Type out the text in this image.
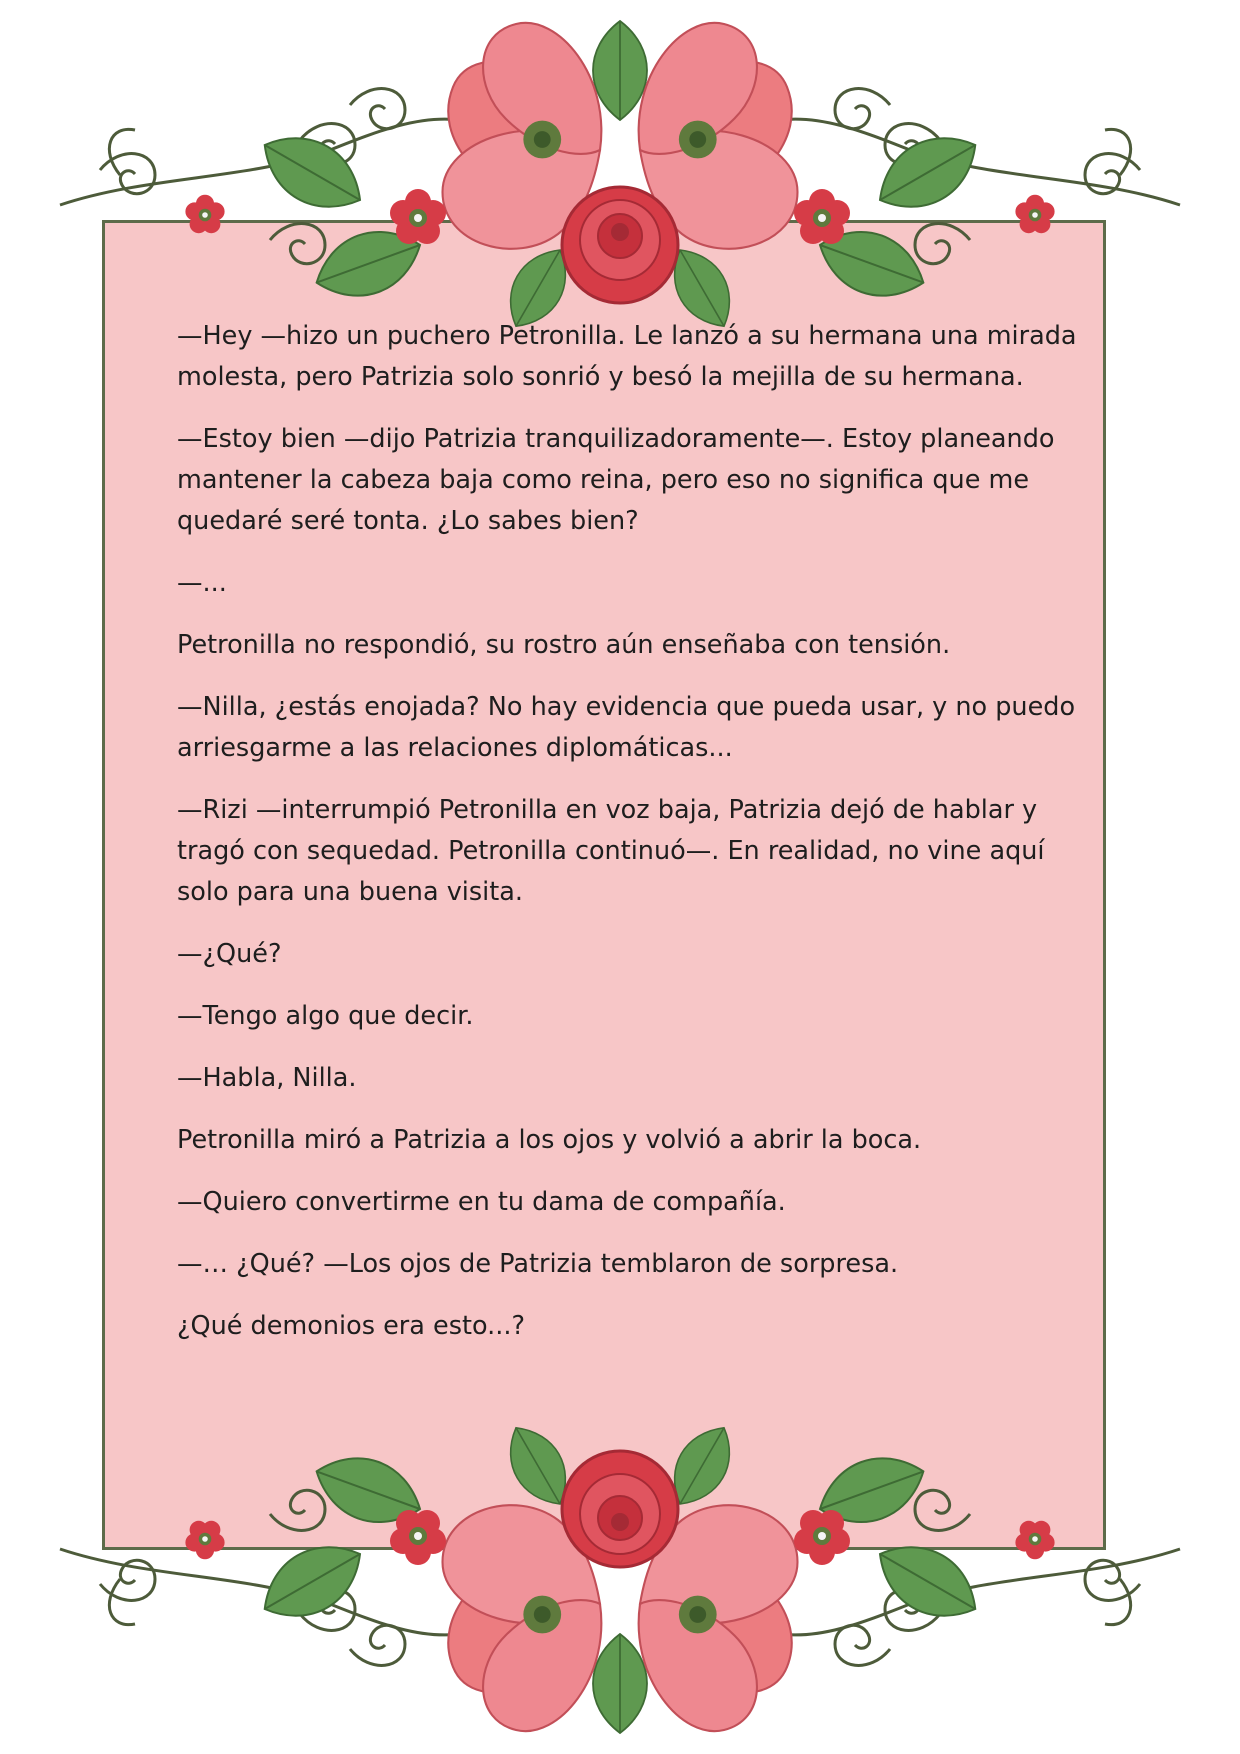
—Hey —hizo un puchero Petronilla. Le lanzó a su hermana una mirada molesta, pero Patrizia solo sonrió y besó la mejilla de su hermana.

—Estoy bien —dijo Patrizia tranquilizadoramente—. Estoy planeando mantener la cabeza baja como reina, pero eso no significa que me quedaré seré tonta. ¿Lo sabes bien?

—...

Petronilla no respondió, su rostro aún enseñaba con tensión.

—Nilla, ¿estás enojada? No hay evidencia que pueda usar, y no puedo arriesgarme a las relaciones diplomáticas...

—Rizi —interrumpió Petronilla en voz baja, Patrizia dejó de hablar y tragó con sequedad. Petronilla continuó—. En realidad, no vine aquí solo para una buena visita.

—¿Qué?

—Tengo algo que decir.

—Habla, Nilla.

Petronilla miró a Patrizia a los ojos y volvió a abrir la boca.

—Quiero convertirme en tu dama de compañía.

—… ¿Qué? —Los ojos de Patrizia temblaron de sorpresa.

¿Qué demonios era esto...?
